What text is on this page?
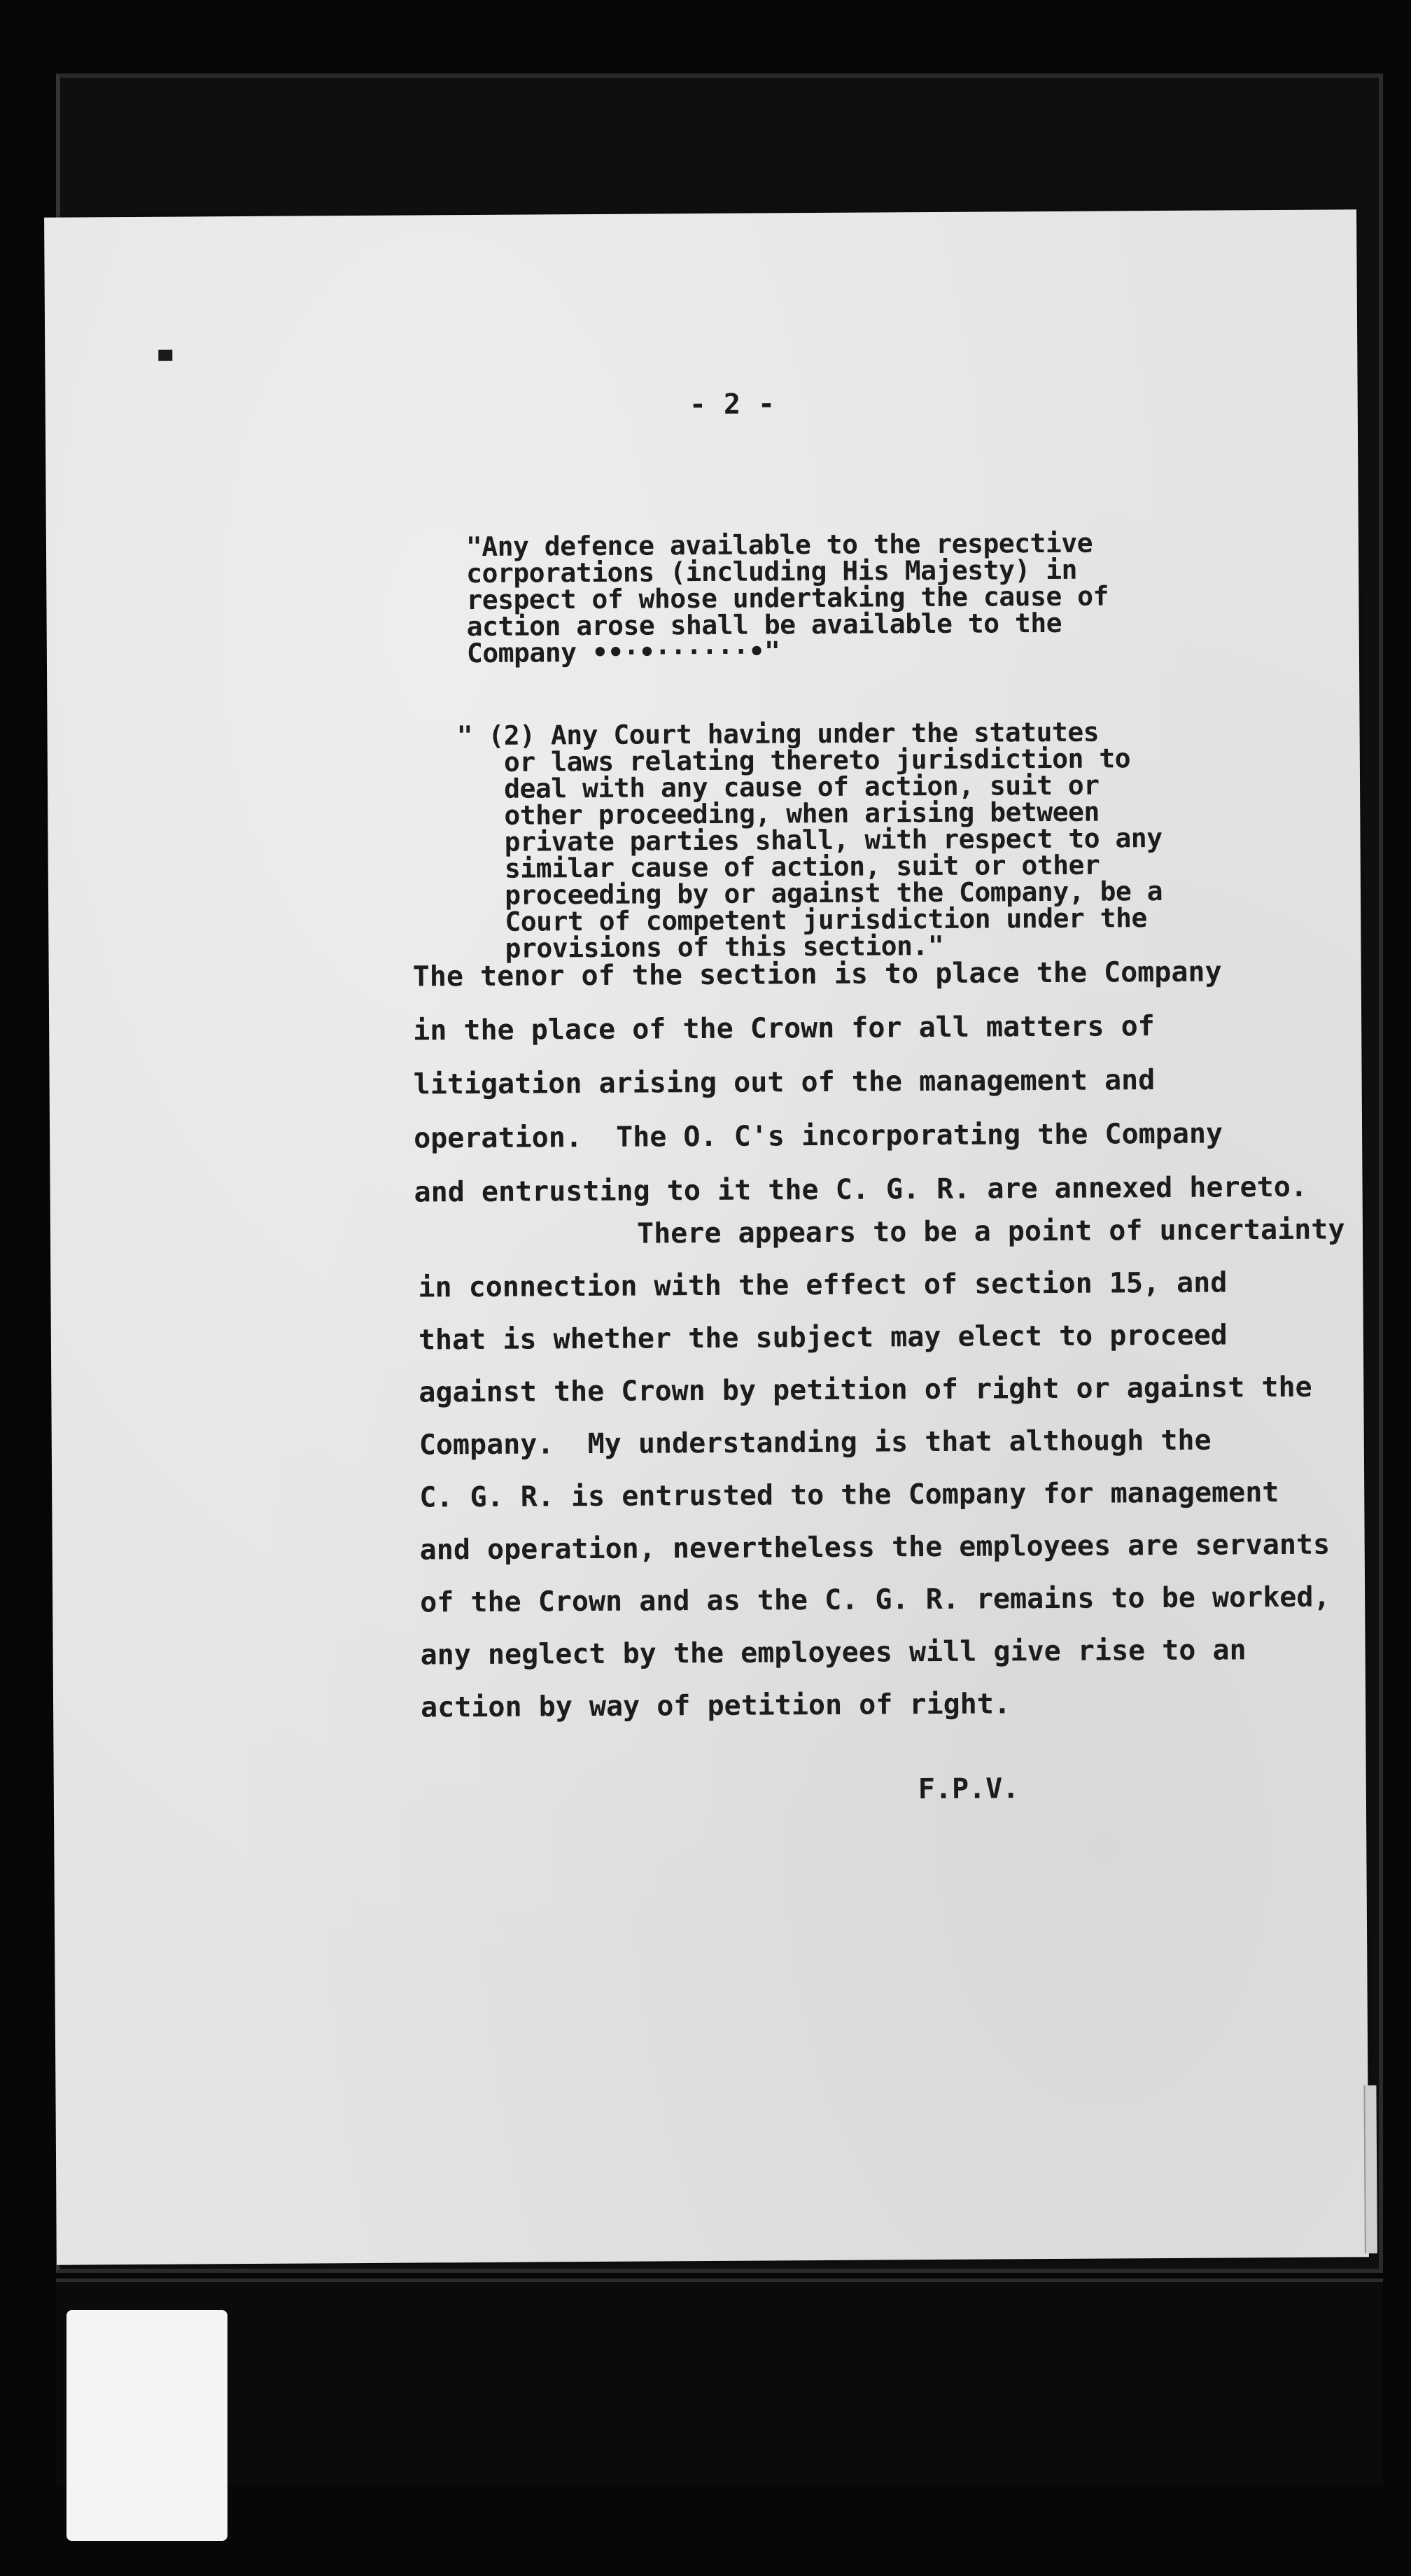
- 2 -
"Any defence available to the respective
corporations (including His Majesty) in
respect of whose undertaking the cause of
action arose shall be available to the
Company ••·•······•"
" (2) Any Court having under the statutes
or laws relating thereto jurisdiction to
deal with any cause of action, suit or
other proceeding, when arising between
private parties shall, with respect to any
similar cause of action, suit or other
proceeding by or against the Company, be a
Court of competent jurisdiction under the
provisions of this section."
The tenor of the section is to place the Company
in the place of the Crown for all matters of
litigation arising out of the management and
operation.  The O. C's incorporating the Company
and entrusting to it the C. G. R. are annexed hereto.
There appears to be a point of uncertainty
in connection with the effect of section 15, and
that is whether the subject may elect to proceed
against the Crown by petition of right or against the
Company.  My understanding is that although the
C. G. R. is entrusted to the Company for management
and operation, nevertheless the employees are servants
of the Crown and as the C. G. R. remains to be worked,
any neglect by the employees will give rise to an
action by way of petition of right.
F.P.V.
